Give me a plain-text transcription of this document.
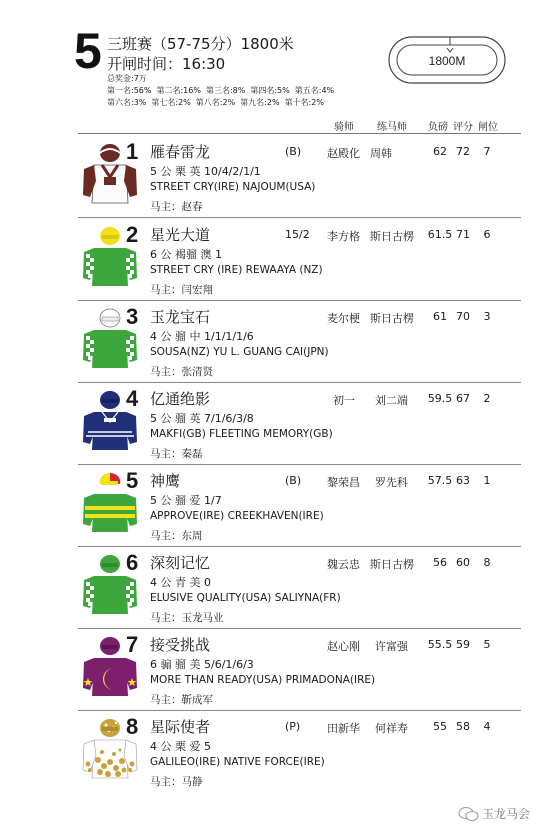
5 三班赛（57-75分）1800米
开闸时间：16:30
总奖金:7万
第一名:56% 第二名:16% 第三名:8% 第四名:5% 第五名:4%
第六名:3% 第七名:2% 第八名:2% 第九名:2% 第十名:2%
1800M
骑师 练马师 负磅 评分 闸位
1 雁春雷龙	(B) 赵殿化 周韩	62 72	7
5 公 栗 英 10/4/2/1/1
STREET CRY(IRE) NAJOUM(USA)
马主：赵春
2 星光大道	15/2 李方格 斯日古楞	61.5 71	6
6 公 褐骝 澳 1
STREET CRY (IRE) REWAAYA (NZ)
马主：闫宏翔
3 玉龙宝石	麦尔梗 斯日古楞	61 70	3
4 公 骝 中 1/1/1/1/6
SOUSA(NZ) YU L. GUANG CAI(JPN)
马主：张清贤
4 亿通绝影	初一 刘二端	59.5 67	2
5 公 骝 英 7/1/6/3/8
MAKFI(GB) FLEETING MEMORY(GB)
马主：秦磊
5 神鹰	(B) 黎荣昌 罗先科	57.5 63	1
5 公 骝 爱 1/7
APPROVE(IRE) CREEKHAVEN(IRE)
马主：东周
6 深刻记忆	魏云忠 斯日古楞	56 60	8
4 公 青 美 0
ELUSIVE QUALITY(USA) SALIYNA(FR)
马主：玉龙马业
7 接受挑战	赵心刚 许富强	55.5 59	5
6 骟 骝 美 5/6/1/6/3
MORE THAN READY(USA) PRIMADONA(IRE)
马主：靳成军
8 星际使者	(P) 田新华 何祥寿	55 58	4
4 公 栗 爱 5
GALILEO(IRE) NATIVE FORCE(IRE)
马主：马静
玉龙马会
